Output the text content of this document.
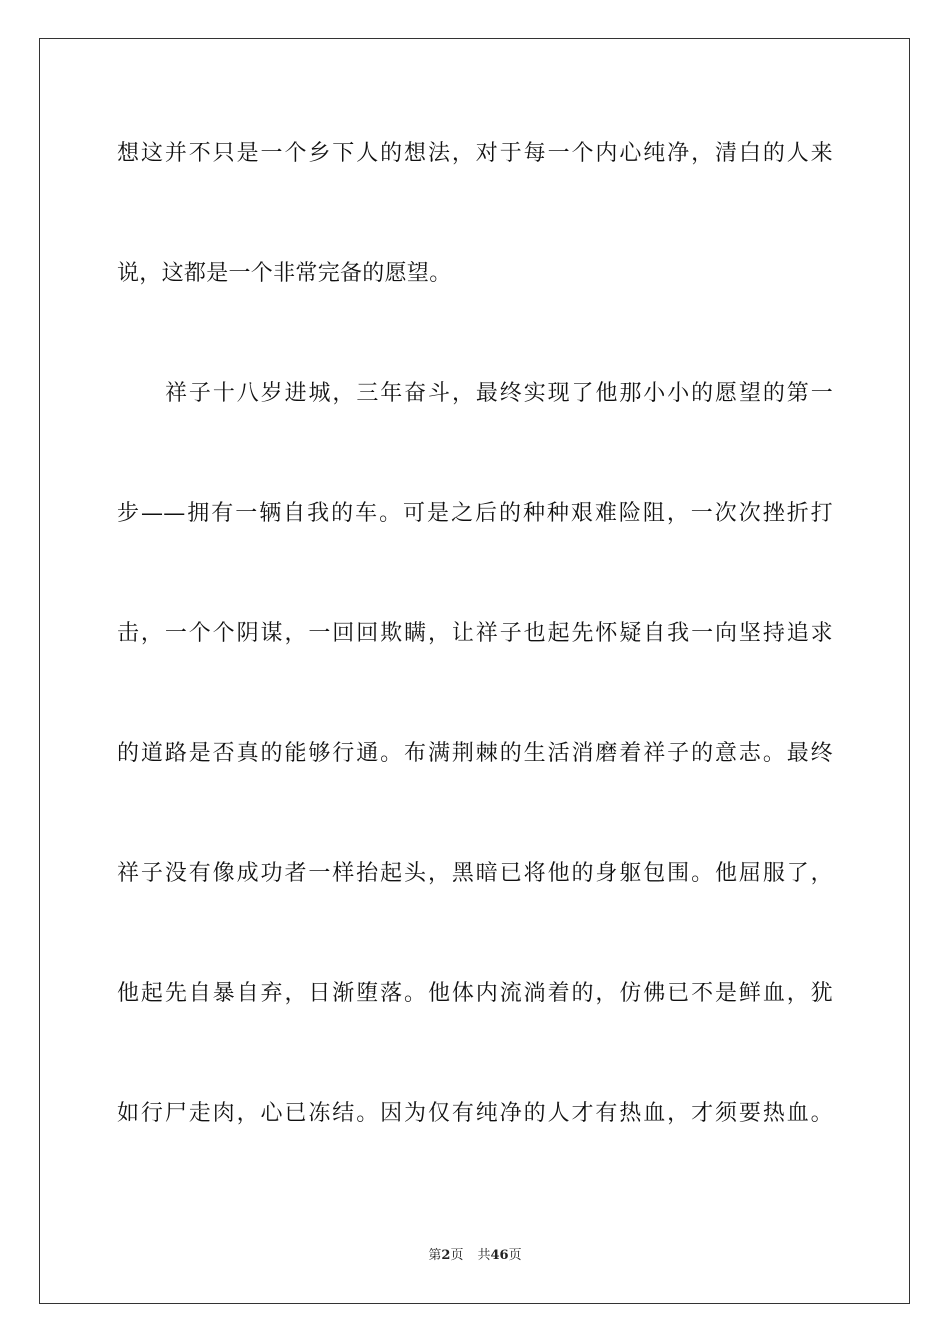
想这并不只是一个乡下人的想法，对于每一个内心纯净，清白的人来
说，这都是一个非常完备的愿望。
祥子十八岁进城，三年奋斗，最终实现了他那小小的愿望的第一
步——拥有一辆自我的车。可是之后的种种艰难险阻，一次次挫折打
击，一个个阴谋，一回回欺瞒，让祥子也起先怀疑自我一向坚持追求
的道路是否真的能够行通。布满荆棘的生活消磨着祥子的意志。最终
祥子没有像成功者一样抬起头，黑暗已将他的身躯包围。他屈服了，
他起先自暴自弃，日渐堕落。他体内流淌着的，仿佛已不是鲜血，犹
如行尸走肉，心已冻结。因为仅有纯净的人才有热血，才须要热血。
第2页 共46页
